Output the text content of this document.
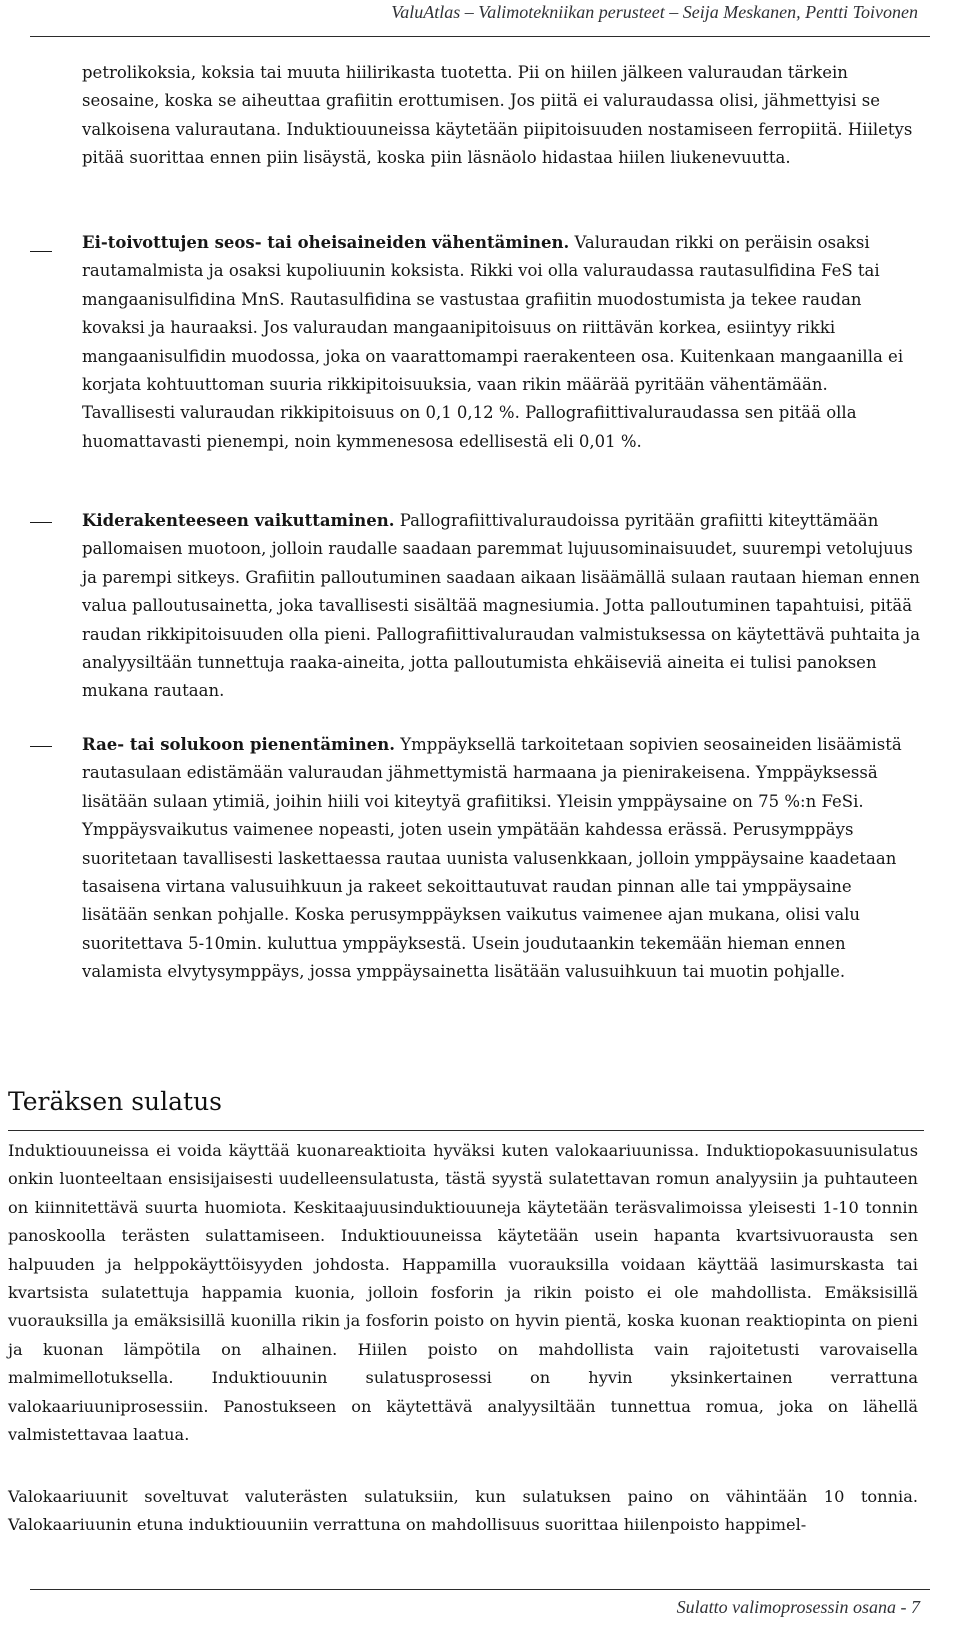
ValuAtlas – Valimotekniikan perusteet – Seija Meskanen, Pentti Toivonen

petrolikoksia, koksia tai muuta hiilirikasta tuotetta. Pii on hiilen jälkeen valuraudan tärkein seosaine, koska se aiheuttaa grafiitin erottumisen. Jos piitä ei valuraudassa olisi, jähmettyisi se valkoisena valurautana. Induktiouuneissa käytetään piipitoisuuden nostamiseen ferropiitä. Hiiletys pitää suorittaa ennen piin lisäystä, koska piin läsnäolo hidastaa hiilen liukenevuutta.

Ei-toivottujen seos- tai oheisaineiden vähentäminen. Valuraudan rikki on peräisin osaksi rautamalmista ja osaksi kupoliuunin koksista. Rikki voi olla valuraudassa rautasulfidina FeS tai mangaanisulfidina MnS. Rautasulfidina se vastustaa grafiitin muodostumista ja tekee raudan kovaksi ja hauraaksi. Jos valuraudan mangaanipitoisuus on riittävän korkea, esiintyy rikki mangaanisulfidin muodossa, joka on vaarattomampi raerakenteen osa. Kuitenkaan mangaanilla ei korjata kohtuuttoman suuria rikkipitoisuuksia, vaan rikin määrää pyritään vähentämään. Tavallisesti valuraudan rikkipitoisuus on 0,1 0,12 %. Pallografiittivaluraudassa sen pitää olla huomattavasti pienempi, noin kymmenesosa edellisestä eli 0,01 %.

Kiderakenteeseen vaikuttaminen. Pallografiittivaluraudoissa pyritään grafiitti kiteyttämään pallomaisen muotoon, jolloin raudalle saadaan paremmat lujuusominaisuudet, suurempi vetolujuus ja parempi sitkeys. Grafiitin palloutuminen saadaan aikaan lisäämällä sulaan rautaan hieman ennen valua palloutusainetta, joka tavallisesti sisältää magnesiumia. Jotta palloutuminen tapahtuisi, pitää raudan rikkipitoisuuden olla pieni. Pallografiittivaluraudan valmistuksessa on käytettävä puhtaita ja analyysiltään tunnettuja raaka-aineita, jotta palloutumista ehkäiseviä aineita ei tulisi panoksen mukana rautaan.

Rae- tai solukoon pienentäminen. Ymppäyksellä tarkoitetaan sopivien seosaineiden lisäämistä rautasulaan edistämään valuraudan jähmettymistä harmaana ja pienirakeisena. Ymppäyksessä lisätään sulaan ytimiä, joihin hiili voi kiteytyä grafiitiksi. Yleisin ymppäysaine on 75 %:n FeSi. Ymppäysvaikutus vaimenee nopeasti, joten usein ympätään kahdessa erässä. Perusymppäys suoritetaan tavallisesti laskettaessa rautaa uunista valusenkkaan, jolloin ymppäysaine kaadetaan tasaisena virtana valusuihkuun ja rakeet sekoittautuvat raudan pinnan alle tai ymppäysaine lisätään senkan pohjalle. Koska perusymppäyksen vaikutus vaimenee ajan mukana, olisi valu suoritettava 5-10min. kuluttua ymppäyksestä. Usein joudutaankin tekemään hieman ennen valamista elvytysymppäys, jossa ymppäysainetta lisätään valusuihkuun tai muotin pohjalle.

Teräksen sulatus

Induktiouuneissa ei voida käyttää kuonareaktioita hyväksi kuten valokaariuunissa. Induktiopokasuunisulatus onkin luonteeltaan ensisijaisesti uudelleensulatusta, tästä syystä sulatettavan romun analyysiin ja puhtauteen on kiinnitettävä suurta huomiota. Keskitaajuusinduktiouuneja käytetään teräsvalimoissa yleisesti 1-10 tonnin panoskoolla terästen sulattamiseen. Induktiouuneissa käytetään usein hapanta kvartsivuorausta sen halpuuden ja helppokäyttöisyyden johdosta. Happamilla vuorauksilla voidaan käyttää lasimurskasta tai kvartsista sulatettuja happamia kuonia, jolloin fosforin ja rikin poisto ei ole mahdollista. Emäksisillä vuorauksilla ja emäksisillä kuonilla rikin ja fosforin poisto on hyvin pientä, koska kuonan reaktiopinta on pieni ja kuonan lämpötila on alhainen. Hiilen poisto on mahdollista vain rajoitetusti varovaisella malmimellotuksella. Induktiouunin sulatusprosessi on hyvin yksinkertainen verrattuna valokaariuuniprosessiin. Panostukseen on käytettävä analyysiltään tunnettua romua, joka on lähellä valmistettavaa laatua.

Valokaariuunit soveltuvat valuterästen sulatuksiin, kun sulatuksen paino on vähintään 10 tonnia. Valokaariuunin etuna induktiouuniin verrattuna on mahdollisuus suorittaa hiilenpoisto happimel-

Sulatto valimoprosessin osana - 7
